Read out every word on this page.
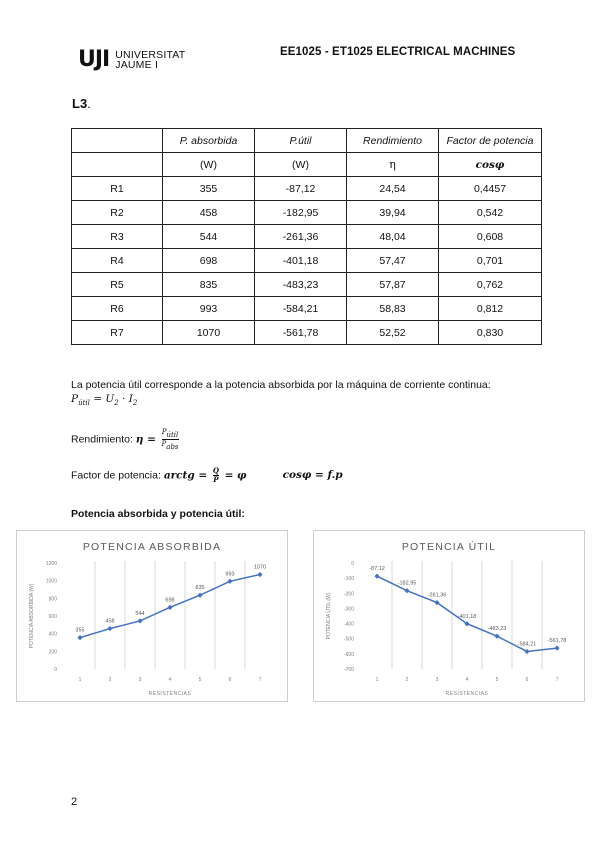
UJI UNIVERSITAT
JAUME I
EE1025 - ET1025 ELECTRICAL MACHINES
L3.
	P. absorbida	P.útil	Rendimiento	Factor de potencia
	(W)	(W)	η	cosφ
R1	355	-87,12	24,54	0,4457
R2	458	-182,95	39,94	0,542
R3	544	-261,36	48,04	0,608
R4	698	-401,18	57,47	0,701
R5	835	-483,23	57,87	0,762
R6	993	-584,21	58,83	0,812
R7	1070	-561,78	52,52	0,830
La potencia útil corresponde a la potencia absorbida por la máquina de corriente continua:
$P_{útil} = U_2 \cdot I_2$
Rendimiento: $\eta = \frac{\text{Pútil}}{\text{Pabs}}$
Factor de potencia: arctg = $\frac{Q}{P} = \varphi$	cosφ = f.p
Potencia absorbida y potencia útil:
POTENCIA ABSORBIDA
0
200
400
600
800
1000
1200
1	2	3	4	5	6	7
RESISTENCIAS
POTENCIA ABSORBIDA (W)	355
458
544
698
835
993
1070
POTENCIA ÚTIL
0
-100
-200
-300
-400
-500
-600
-700
1	2	3	4	5	6	7
RESISTENCIAS
POTENCIA ÚTIL (W)
-87,12
-182,95
-261,36
-401,18
-483,23
-584,21
-561,78
2
